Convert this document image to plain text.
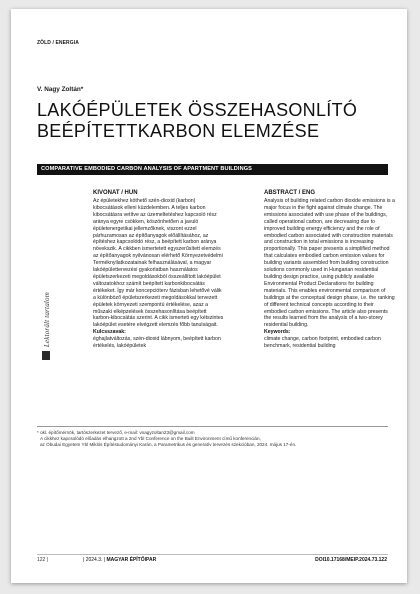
ZÖLD / ENERGIA
V. Nagy Zoltán*
LAKÓÉPÜLETEK ÖSSZEHASONLÍTÓ
BEÉPÍTETTKARBON ELEMZÉSE
COMPARATIVE EMBODIED CARBON ANALYSIS OF APARTMENT BUILDINGS
Lektorált tartalom
KIVONAT / HUN

Az épületekhez köthető szén-dioxid (karbon) kibocsátások elleni küzdelemben. A teljes karbon kibocsátásra vetítve az üzemeltetéshez kapcsoló rész aránya egyre csökken, köszönhetően a javuló épületenergetikai jellemzőknek, viszont ezzel párhuzamosan az építőanyagok előállításához, az építéshez kapcsolódó rész, a beépített karbon aránya növekszik. A cikkben ismertetett egyszerűsített elemzés az építőanyagok nyilvánosan elérhető Környezetvédelmi Terméknyilatkozatainak felhasználásával, a magyar lakóépülettervezési gyakorlatban használatos épületszerkezeti megoldásokból összeállított lakóépület változatokhoz számít beépített karbonkibocsátás értékeket. Így már koncepcióterv fázisban lehetővé válik a különböző épületszerkezeti megoldásokkal tervezett épületek környezeti szempontú értékelése, azaz a műszaki elképzelések összehasonlítása beépített karbon-kibocsátás szerint. A cikk ismerteti egy kétszintes lakóépület esetére elvégzett elemzés főbb tanulságait.

Kulcsszavak:

éghajlatváltozás, szén-dioxid lábnyom, beépített karbon értékelés, lakóépületek

ABSTRACT / ENG

Analysis of building related carbon dioxide emissions is a major focus in the fight against climate change. The emissions associated with use phase of the buildings, called operational carbon, are decreasing due to improved building energy efficiency and the role of embodied carbon associated with construction materials and construction in total emissions is increasing proportionally. This paper presents a simplified method that calculates embodied carbon emission values for building variants assembled from building construction solutions commonly used in Hungarian residential building design practice, using publicly available Environmental Product Declarations for building materials. This enables environmental comparison of buildings at the conceptual design phase, i.e. the ranking of different technical concepts according to their embodied carbon emissions. The article also presents the results learned from the analysis of a two-storey residential building.

Keywords:

climate change, carbon footprint, embodied carbon benchmark, residential building

* okl. építőmérnök, tartószerkezet tervező, e-mail: vnagyzoltan23@gmail.com
A cikkhez kapcsolódó előadás elhangzott a 2nd Ybl Conference on the Built Environment című konferencián,
az Óbudai Egyetem Ybl Miklós Építéstudományi Karán, a Parametrikus és generatív tervezés szekcióban, 2024. május 17-én.
122 |	| 2024.3. | MAGYAR ÉPÍTŐIPAR	DOI10.17168/MEIP.2024.73.122
